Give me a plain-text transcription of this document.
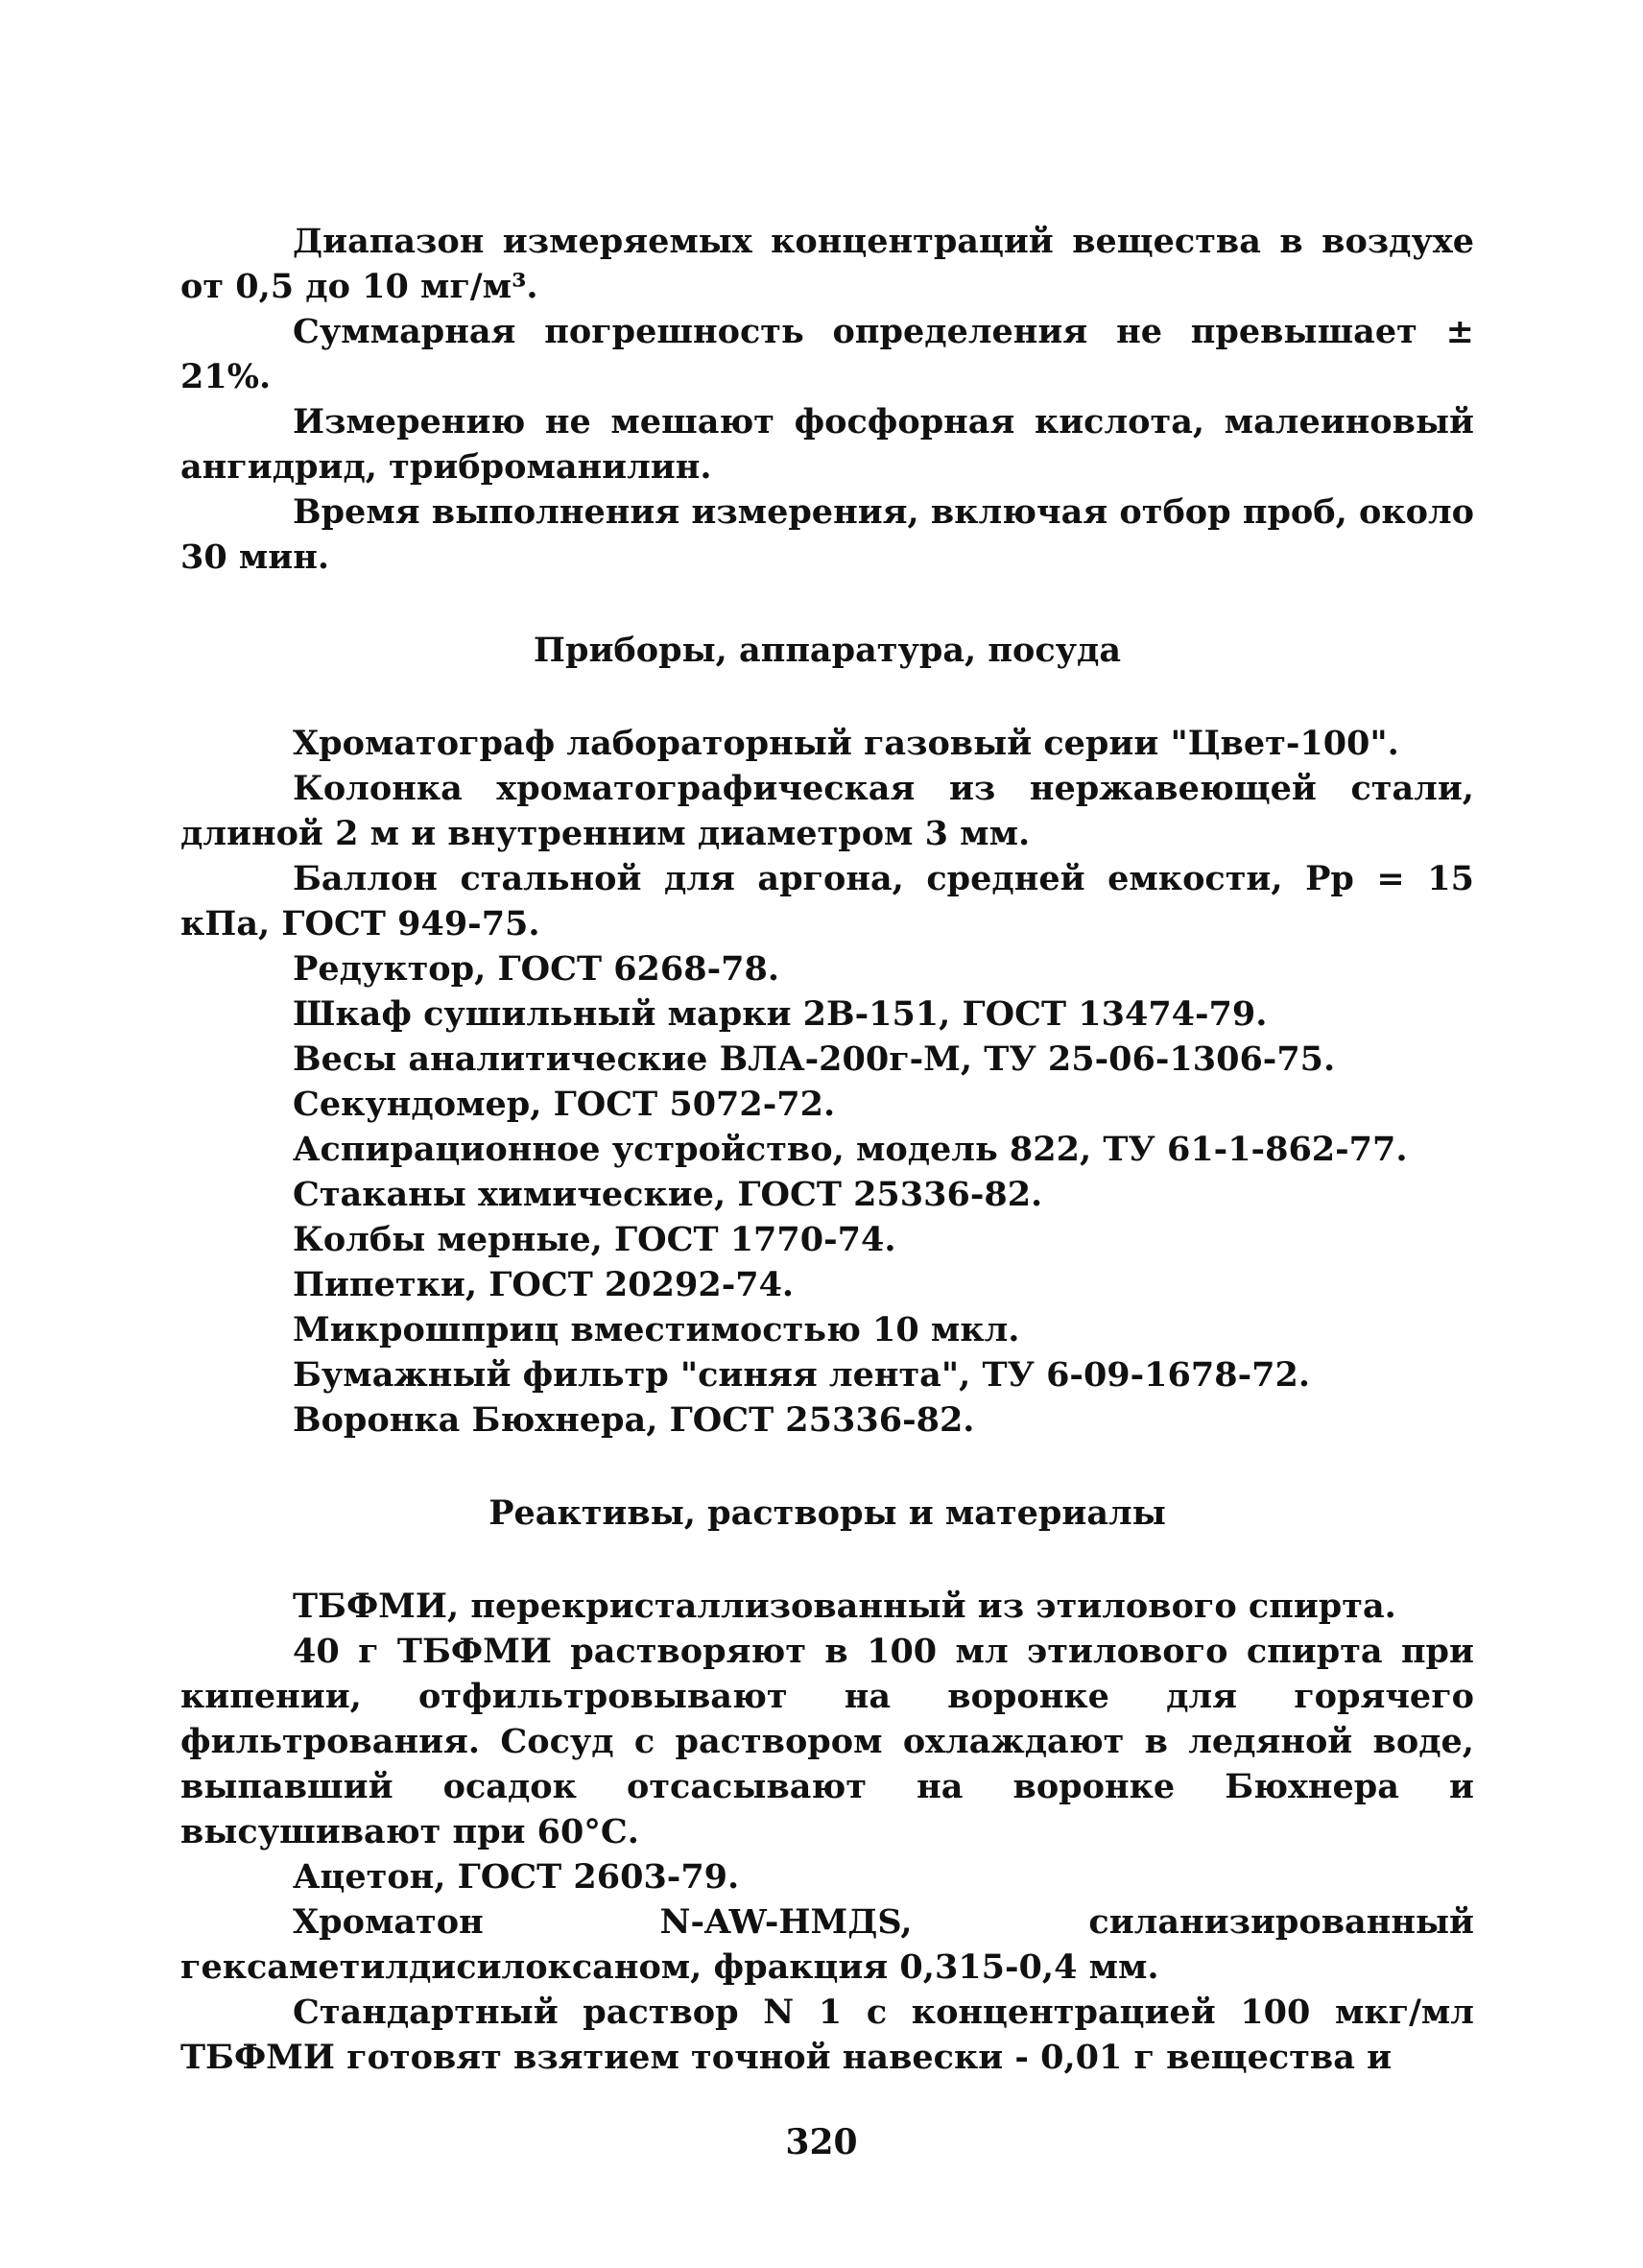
Диапазон измеряемых концентраций вещества в воздухе от 0,5 до 10 мг/м³.

Суммарная погрешность определения не превышает ± 21%.

Измерению не мешают фосфорная кислота, малеиновый ангидрид, триброманилин.

Время выполнения измерения, включая отбор проб, около 30 мин.

Приборы, аппаратура, посуда

Хроматограф лабораторный газовый серии "Цвет-100".

Колонка хроматографическая из нержавеющей стали, длиной 2 м и внутренним диаметром 3 мм.

Баллон стальной для аргона, средней емкости, Рр = 15 кПа, ГОСТ 949-75.

Редуктор, ГОСТ 6268-78.

Шкаф сушильный марки 2В-151, ГОСТ 13474-79.

Весы аналитические ВЛА-200г-М, ТУ 25-06-1306-75.

Секундомер, ГОСТ 5072-72.

Аспирационное устройство, модель 822, ТУ 61-1-862-77.

Стаканы химические, ГОСТ 25336-82.

Колбы мерные, ГОСТ 1770-74.

Пипетки, ГОСТ 20292-74.

Микрошприц вместимостью 10 мкл.

Бумажный фильтр "синяя лента", ТУ 6-09-1678-72.

Воронка Бюхнера, ГОСТ 25336-82.

Реактивы, растворы и материалы

ТБФМИ, перекристаллизованный из этилового спирта.

40 г ТБФМИ растворяют в 100 мл этилового спирта при кипении, отфильтровывают на воронке для горячего фильтрования. Сосуд с раствором охлаждают в ледяной воде, выпавший осадок отсасывают на воронке Бюхнера и высушивают при 60°С.

Ацетон, ГОСТ 2603-79.

Хроматон N-AW-HMДS, силанизированный гексаметилдисилоксаном, фракция 0,315-0,4 мм.

Стандартный раствор N 1 с концентрацией 100 мкг/мл ТБФМИ готовят взятием точной навески - 0,01 г вещества и

320
